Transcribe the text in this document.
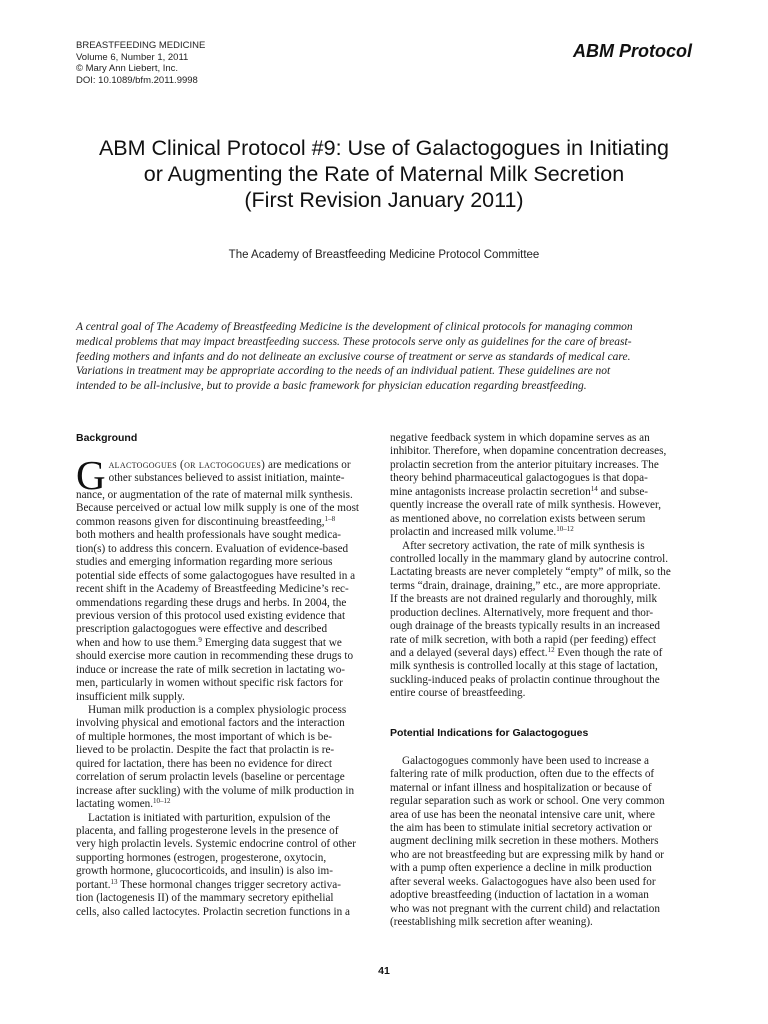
BREASTFEEDING MEDICINE
Volume 6, Number 1, 2011
© Mary Ann Liebert, Inc.
DOI: 10.1089/bfm.2011.9998
ABM Protocol
ABM Clinical Protocol #9: Use of Galactogogues in Initiating
or Augmenting the Rate of Maternal Milk Secretion
(First Revision January 2011)
The Academy of Breastfeeding Medicine Protocol Committee
A central goal of The Academy of Breastfeeding Medicine is the development of clinical protocols for managing common
medical problems that may impact breastfeeding success. These protocols serve only as guidelines for the care of breast-
feeding mothers and infants and do not delineate an exclusive course of treatment or serve as standards of medical care.
Variations in treatment may be appropriate according to the needs of an individual patient. These guidelines are not
intended to be all-inclusive, but to provide a basic framework for physician education regarding breastfeeding.
Background
G alactogogues (or lactogogues) are medications or
other substances believed to assist initiation, mainte-
nance, or augmentation of the rate of maternal milk synthesis.
Because perceived or actual low milk supply is one of the most
common reasons given for discontinuing breastfeeding,$^{1-8}$
both mothers and health professionals have sought medica-
tion(s) to address this concern. Evaluation of evidence-based
studies and emerging information regarding more serious
potential side effects of some galactogogues have resulted in a
recent shift in the Academy of Breastfeeding Medicine’s rec-
ommendations regarding these drugs and herbs. In 2004, the
previous version of this protocol used existing evidence that
prescription galactogogues were effective and described
when and how to use them.$^9$ Emerging data suggest that we
should exercise more caution in recommending these drugs to
induce or increase the rate of milk secretion in lactating wo-
men, particularly in women without specific risk factors for
insufficient milk supply.
Human milk production is a complex physiologic process
involving physical and emotional factors and the interaction
of multiple hormones, the most important of which is be-
lieved to be prolactin. Despite the fact that prolactin is re-
quired for lactation, there has been no evidence for direct
correlation of serum prolactin levels (baseline or percentage
increase after suckling) with the volume of milk production in
lactating women.$^{10-12}$
Lactation is initiated with parturition, expulsion of the
placenta, and falling progesterone levels in the presence of
very high prolactin levels. Systemic endocrine control of other
supporting hormones (estrogen, progesterone, oxytocin,
growth hormone, glucocorticoids, and insulin) is also im-
portant.$^{13}$ These hormonal changes trigger secretory activa-
tion (lactogenesis II) of the mammary secretory epithelial
cells, also called lactocytes. Prolactin secretion functions in a
negative feedback system in which dopamine serves as an
inhibitor. Therefore, when dopamine concentration decreases,
prolactin secretion from the anterior pituitary increases. The
theory behind pharmaceutical galactogogues is that dopa-
mine antagonists increase prolactin secretion$^{14}$ and subse-
quently increase the overall rate of milk synthesis. However,
as mentioned above, no correlation exists between serum
prolactin and increased milk volume.$^{10-12}$
After secretory activation, the rate of milk synthesis is
controlled locally in the mammary gland by autocrine control.
Lactating breasts are never completely “empty” of milk, so the
terms “drain, drainage, draining,” etc., are more appropriate.
If the breasts are not drained regularly and thoroughly, milk
production declines. Alternatively, more frequent and thor-
ough drainage of the breasts typically results in an increased
rate of milk secretion, with both a rapid (per feeding) effect
and a delayed (several days) effect.$^{12}$ Even though the rate of
milk synthesis is controlled locally at this stage of lactation,
suckling-induced peaks of prolactin continue throughout the
entire course of breastfeeding.
Potential Indications for Galactogogues
Galactogogues commonly have been used to increase a
faltering rate of milk production, often due to the effects of
maternal or infant illness and hospitalization or because of
regular separation such as work or school. One very common
area of use has been the neonatal intensive care unit, where
the aim has been to stimulate initial secretory activation or
augment declining milk secretion in these mothers. Mothers
who are not breastfeeding but are expressing milk by hand or
with a pump often experience a decline in milk production
after several weeks. Galactogogues have also been used for
adoptive breastfeeding (induction of lactation in a woman
who was not pregnant with the current child) and relactation
(reestablishing milk secretion after weaning).
41
